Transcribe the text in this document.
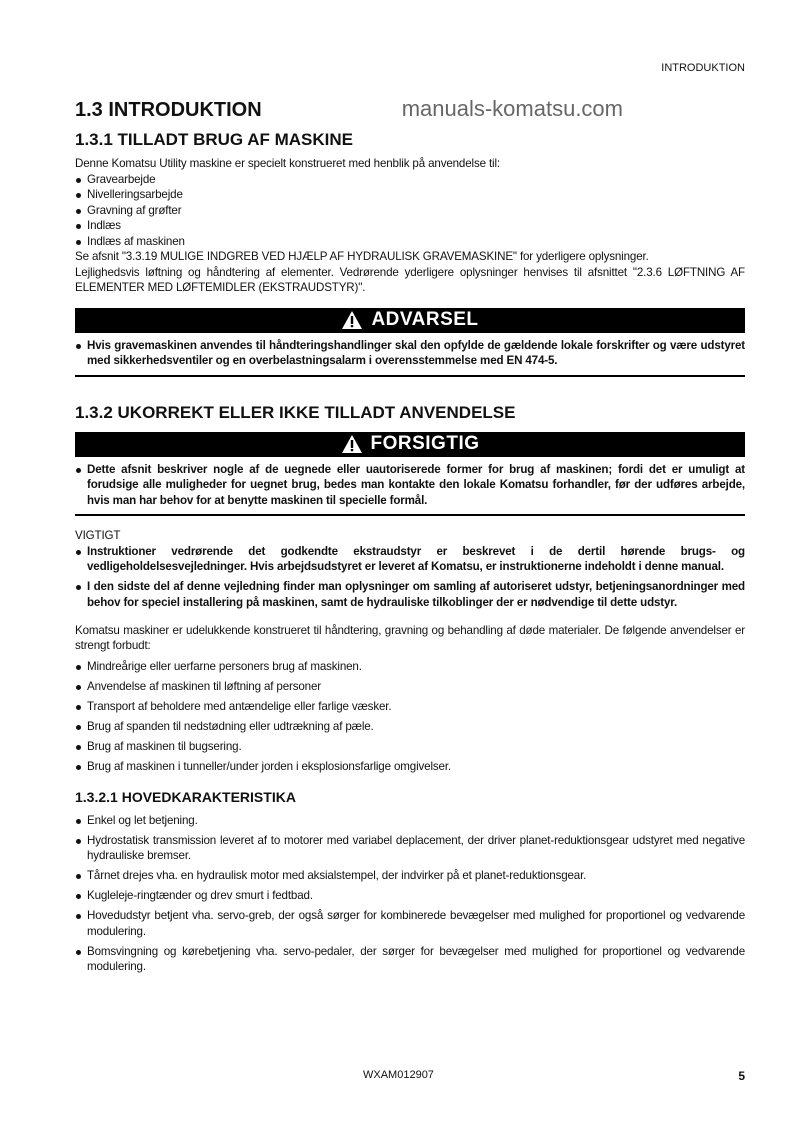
INTRODUKTION
1.3 INTRODUKTION	manuals-komatsu.com
1.3.1 TILLADT BRUG AF MASKINE

Denne Komatsu Utility maskine er specielt konstrueret med henblik på anvendelse til:

Gravearbejde
Nivelleringsarbejde
Gravning af grøfter
Indlæs
Indlæs af maskinen

Se afsnit "3.3.19 MULIGE INDGREB VED HJÆLP AF HYDRAULISK GRAVEMASKINE" for yderligere oplysninger.

Lejlighedsvis løftning og håndtering af elementer. Vedrørende yderligere oplysninger henvises til afsnittet "2.3.6 LØFTNING AF ELEMENTER MED LØFTEMIDLER (EKSTRAUDSTYR)".

ADVARSEL
Hvis gravemaskinen anvendes til håndteringshandlinger skal den opfylde de gældende lokale forskrifter og være udstyret med sikkerhedsventiler og en overbelastningsalarm i overensstemmelse med EN 474-5.
1.3.2 UKORREKT ELLER IKKE TILLADT ANVENDELSE
FORSIGTIG
Dette afsnit beskriver nogle af de uegnede eller uautoriserede former for brug af maskinen; fordi det er umuligt at forudsige alle muligheder for uegnet brug, bedes man kontakte den lokale Komatsu forhandler, før der udføres arbejde, hvis man har behov for at benytte maskinen til specielle formål.

VIGTIGT

Instruktioner vedrørende det godkendte ekstraudstyr er beskrevet i de dertil hørende brugs- og vedligeholdelsesvejledninger. Hvis arbejdsudstyret er leveret af Komatsu, er instruktionerne indeholdt i denne manual.
I den sidste del af denne vejledning finder man oplysninger om samling af autoriseret udstyr, betjeningsanordninger med behov for speciel installering på maskinen, samt de hydrauliske tilkoblinger der er nødvendige til dette udstyr.

Komatsu maskiner er udelukkende konstrueret til håndtering, gravning og behandling af døde materialer. De følgende anvendelser er strengt forbudt:

Mindreårige eller uerfarne personers brug af maskinen.
Anvendelse af maskinen til løftning af personer
Transport af beholdere med antændelige eller farlige væsker.
Brug af spanden til nedstødning eller udtrækning af pæle.
Brug af maskinen til bugsering.
Brug af maskinen i tunneller/under jorden i eksplosionsfarlige omgivelser.
1.3.2.1 HOVEDKARAKTERISTIKA
Enkel og let betjening.
Hydrostatisk transmission leveret af to motorer med variabel deplacement, der driver planet-reduktionsgear udstyret med negative hydrauliske bremser.
Tårnet drejes vha. en hydraulisk motor med aksialstempel, der indvirker på et planet-reduktionsgear.
Kugleleje-ringtænder og drev smurt i fedtbad.
Hovedudstyr betjent vha. servo-greb, der også sørger for kombinerede bevægelser med mulighed for proportionel og vedvarende modulering.
Bomsvingning og kørebetjening vha. servo-pedaler, der sørger for bevægelser med mulighed for proportionel og vedvarende modulering.
WXAM012907	5
